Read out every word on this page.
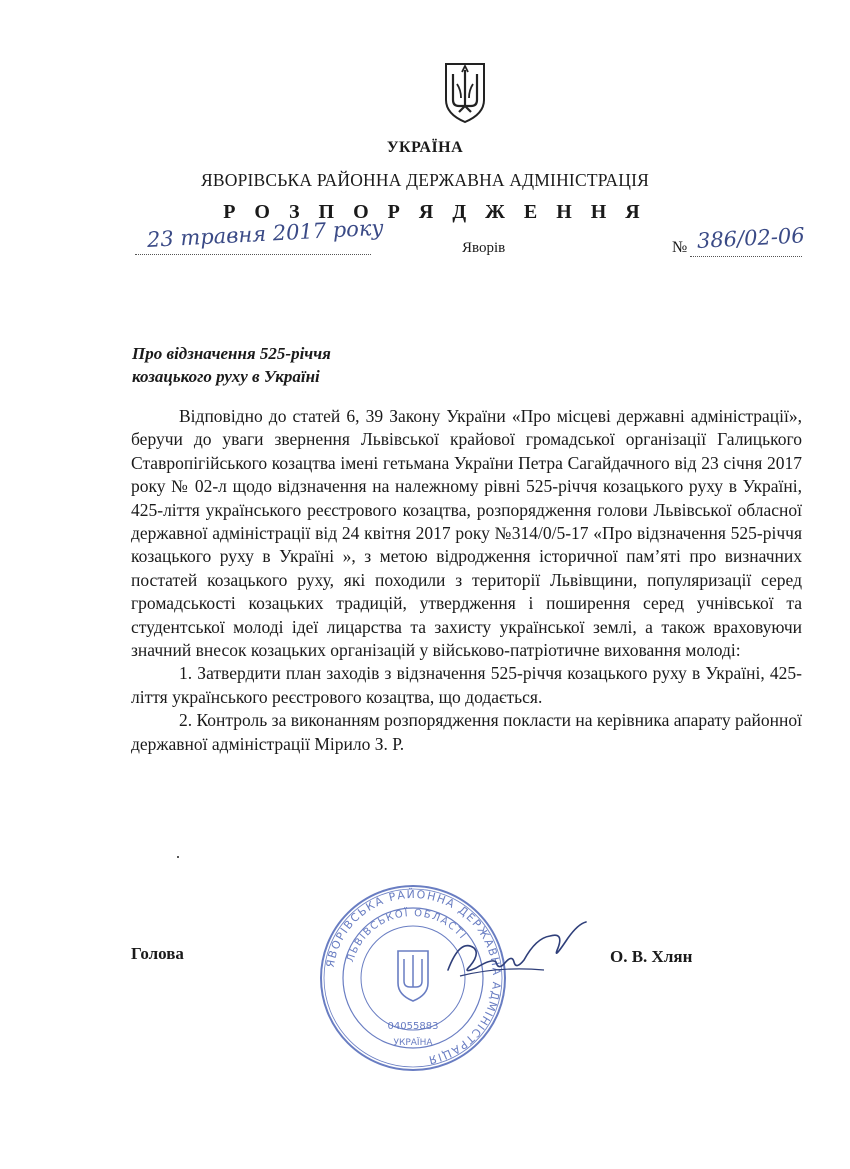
УКРАЇНА
ЯВОРІВСЬКА РАЙОННА ДЕРЖАВНА АДМІНІСТРАЦІЯ
Р О З П О Р Я Д Ж Е Н Н Я
23 травня 2017 року	Яворів	№ 386/02-06
Про відзначення 525-річчя
козацького руху в Україні

Відповідно до статей 6, 39 Закону України «Про місцеві державні адміністрації», беручи до уваги звернення Львівської крайової громадської організації Галицького Ставропігійського козацтва імені гетьмана України Петра Сагайдачного від 23 січня 2017 року № 02-л щодо відзначення на належному рівні 525-річчя козацького руху в Україні, 425-ліття українського реєстрового козацтва, розпорядження голови Львівської обласної державної адміністрації від 24 квітня 2017 року №314/0/5-17 «Про відзначення 525-річчя козацького руху в Україні », з метою відродження історичної пам’яті про визначних постатей козацького руху, які походили з території Львівщини, популяризації серед громадськості козацьких традицій, утвердження і поширення серед учнівської та студентської молоді ідеї лицарства та захисту української землі, а також враховуючи значний внесок козацьких організацій у військово-патріотичне виховання молоді:

1. Затвердити план заходів з відзначення 525-річчя козацького руху в Україні, 425-ліття українського реєстрового козацтва, що додається.

2. Контроль за виконанням розпорядження покласти на керівника апарату районної державної адміністрації Мірило З. Р.

ЯВОРІВСЬКА РАЙОННА ДЕРЖАВНА АДМІНІСТРАЦІЯ
ЛЬВІВСЬКОЇ ОБЛАСТІ
04055883
УКРАЇНА
Голова	О. В. Хлян
